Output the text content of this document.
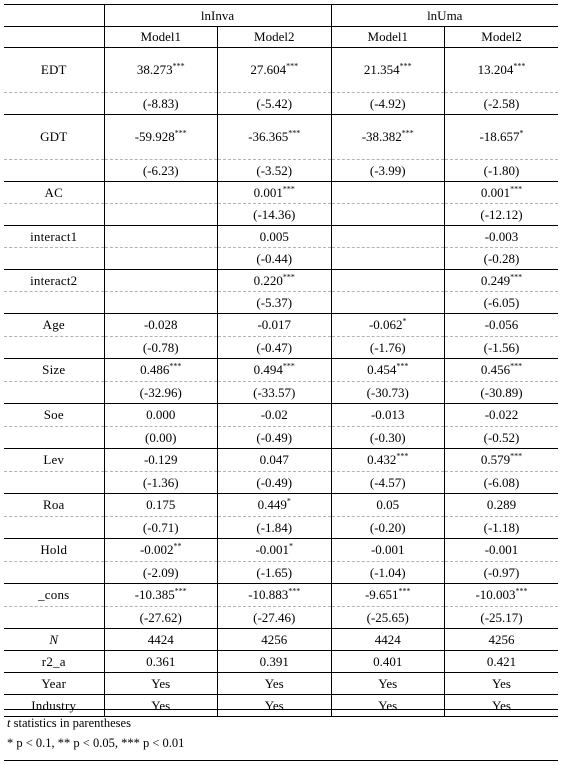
	lnInva		lnUma	
	Model1	Model2	Model1	Model2
EDT	38.273***	27.604***	21.354***	13.204***
	(-8.83)	(-5.42)	(-4.92)	(-2.58)
GDT	-59.928***	-36.365***	-38.382***	-18.657*
	(-6.23)	(-3.52)	(-3.99)	(-1.80)
AC		0.001***		0.001***
		(-14.36)		(-12.12)
interact1		0.005		-0.003
		(-0.44)		(-0.28)
interact2		0.220***		0.249***
		(-5.37)		(-6.05)
Age	-0.028	-0.017	-0.062*	-0.056
	(-0.78)	(-0.47)	(-1.76)	(-1.56)
Size	0.486***	0.494***	0.454***	0.456***
	(-32.96)	(-33.57)	(-30.73)	(-30.89)
Soe	0.000	-0.02	-0.013	-0.022
	(0.00)	(-0.49)	(-0.30)	(-0.52)
Lev	-0.129	0.047	0.432***	0.579***
	(-1.36)	(-0.49)	(-4.57)	(-6.08)
Roa	0.175	0.449*	0.05	0.289
	(-0.71)	(-1.84)	(-0.20)	(-1.18)
Hold	-0.002**	-0.001*	-0.001	-0.001
	(-2.09)	(-1.65)	(-1.04)	(-0.97)
_cons	-10.385***	-10.883***	-9.651***	-10.003***
	(-27.62)	(-27.46)	(-25.65)	(-25.17)
N	4424	4256	4424	4256
r2_a	0.361	0.391	0.401	0.421
Year	Yes	Yes	Yes	Yes
Industry	Yes	Yes	Yes	Yes
t statistics in parentheses
* p < 0.1, ** p < 0.05, *** p < 0.01
